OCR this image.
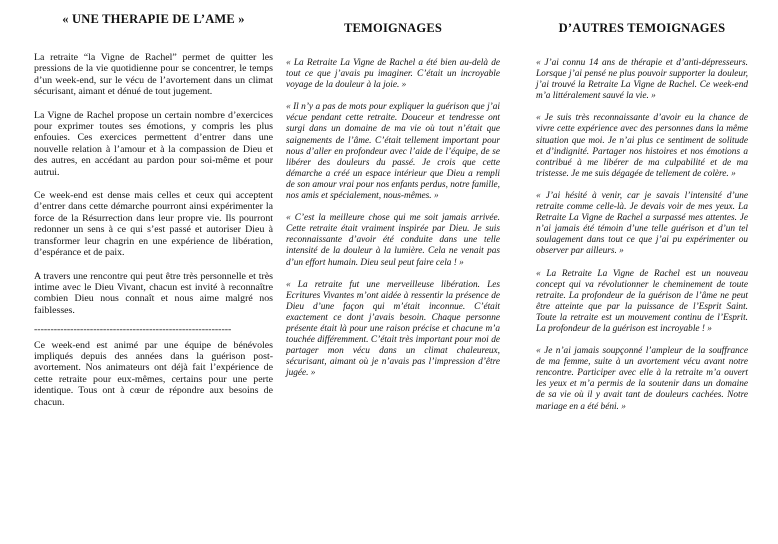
« UNE THERAPIE DE L’AME »

La retraite “la Vigne de Rachel” permet de quitter les pressions de la vie quotidienne pour se concentrer, le temps d’un week-end, sur le vécu de l’avortement dans un climat sécurisant, aimant et dénué de tout jugement.

La Vigne de Rachel propose un certain nombre d’exercices pour exprimer toutes ses émotions, y compris les plus enfouies. Ces exercices permettent d’entrer dans une nouvelle relation à l’amour et à la compassion de Dieu et des autres, en accédant au pardon pour soi-même et pour autrui.

Ce week-end est dense mais celles et ceux qui acceptent d’entrer dans cette démarche pourront ainsi expérimenter la force de la Résurrection dans leur propre vie. Ils pourront redonner un sens à ce qui s’est passé et autoriser Dieu à transformer leur chagrin en une expérience de libération, d’espérance et de paix.

A travers une rencontre qui peut être très personnelle et très intime avec le Dieu Vivant, chacun est invité à reconnaître combien Dieu nous connaît et nous aime malgré nos faiblesses.

------------------------------------------------------------

Ce week-end est animé par une équipe de bénévoles impliqués depuis des années dans la guérison post-avortement. Nos animateurs ont déjà fait l’expérience de cette retraite pour eux-mêmes, certains pour une perte identique. Tous ont à cœur de répondre aux besoins de chacun.

TEMOIGNAGES

« La Retraite La Vigne de Rachel a été bien au-delà de tout ce que j’avais pu imaginer. C’était un incroyable voyage de la douleur à la joie. »

« Il n’y a pas de mots pour expliquer la guérison que j’ai vécue pendant cette retraite. Douceur et tendresse ont surgi dans un domaine de ma vie où tout n’était que saignements de l’âme. C’était tellement important pour nous d’aller en profondeur avec l’aide de l’équipe, de se libérer des douleurs du passé. Je crois que cette démarche a créé un espace intérieur que Dieu a rempli de son amour vrai pour nos enfants perdus, notre famille, nos amis et spécialement, nous-mêmes. »

« C’est la meilleure chose qui me soit jamais arrivée. Cette retraite était vraiment inspirée par Dieu. Je suis reconnaissante d’avoir été conduite dans une telle intensité de la douleur à la lumière. Cela ne venait pas d’un effort humain. Dieu seul peut faire cela ! »

« La retraite fut une merveilleuse libération. Les Ecritures Vivantes m’ont aidée à ressentir la présence de Dieu d’une façon qui m’était inconnue. C’était exactement ce dont j’avais besoin. Chaque personne présente était là pour une raison précise et chacune m’a touchée différemment. C’était très important pour moi de partager mon vécu dans un climat chaleureux, sécurisant, aimant où je n’avais pas l’impression d’être jugée. »

D’AUTRES TEMOIGNAGES

« J’ai connu 14 ans de thérapie et d’anti-dépresseurs. Lorsque j’ai pensé ne plus pouvoir supporter la douleur, j’ai trouvé la Retraite La Vigne de Rachel. Ce week-end m’a littéralement sauvé la vie. »

« Je suis très reconnaissante d’avoir eu la chance de vivre cette expérience avec des personnes dans la même situation que moi. Je n’ai plus ce sentiment de solitude et d’indignité. Partager nos histoires et nos émotions a contribué à me libérer de ma culpabilité et de ma tristesse. Je me suis dégagée de tellement de colère. »

« J’ai hésité à venir, car je savais l’intensité d’une retraite comme celle-là. Je devais voir de mes yeux. La Retraite La Vigne de Rachel a surpassé mes attentes. Je n’ai jamais été témoin d’une telle guérison et d’un tel soulagement dans tout ce que j’ai pu expérimenter ou observer par ailleurs. »

« La Retraite La Vigne de Rachel est un nouveau concept qui va révolutionner le cheminement de toute retraite. La profondeur de la guérison de l’âme ne peut être atteinte que par la puissance de l’Esprit Saint. Toute la retraite est un mouvement continu de l’Esprit. La profondeur de la guérison est incroyable ! »

« Je n’ai jamais soupçonné l’ampleur de la souffrance de ma femme, suite à un avortement vécu avant notre rencontre. Participer avec elle à la retraite m’a ouvert les yeux et m’a permis de la soutenir dans un domaine de sa vie où il y avait tant de douleurs cachées. Notre mariage en a été béni. »
